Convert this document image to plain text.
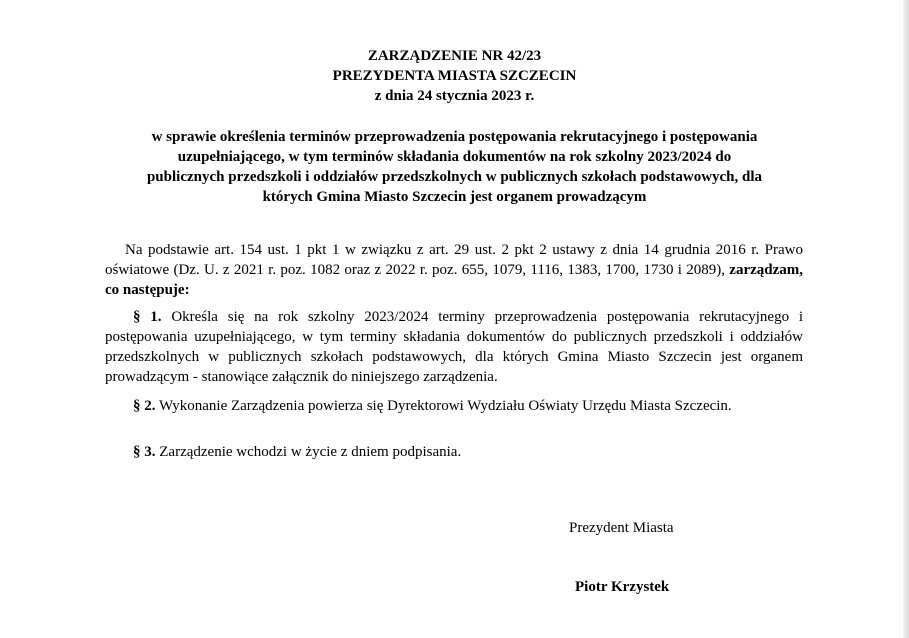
ZARZĄDZENIE NR 42/23
PREZYDENTA MIASTA SZCZECIN
z dnia 24 stycznia 2023 r.
w sprawie określenia terminów przeprowadzenia postępowania rekrutacyjnego i postępowania
uzupełniającego, w tym terminów składania dokumentów na rok szkolny 2023/2024 do
publicznych przedszkoli i oddziałów przedszkolnych w publicznych szkołach podstawowych, dla
których Gmina Miasto Szczecin jest organem prowadzącym
Na podstawie art. 154 ust. 1 pkt 1 w związku z art. 29 ust. 2 pkt 2 ustawy z dnia 14 grudnia 2016 r. Prawo oświatowe (Dz. U. z 2021 r. poz. 1082 oraz z 2022 r. poz. 655, 1079, 1116, 1383, 1700, 1730 i 2089), zarządzam, co następuje:
§ 1. Określa się na rok szkolny 2023/2024 terminy przeprowadzenia postępowania rekrutacyjnego i postępowania uzupełniającego, w tym terminy składania dokumentów do publicznych przedszkoli i oddziałów przedszkolnych w publicznych szkołach podstawowych, dla których Gmina Miasto Szczecin jest organem prowadzącym - stanowiące załącznik do niniejszego zarządzenia.
§ 2. Wykonanie Zarządzenia powierza się Dyrektorowi Wydziału Oświaty Urzędu Miasta Szczecin.
§ 3. Zarządzenie wchodzi w życie z dniem podpisania.
Prezydent Miasta
Piotr Krzystek
